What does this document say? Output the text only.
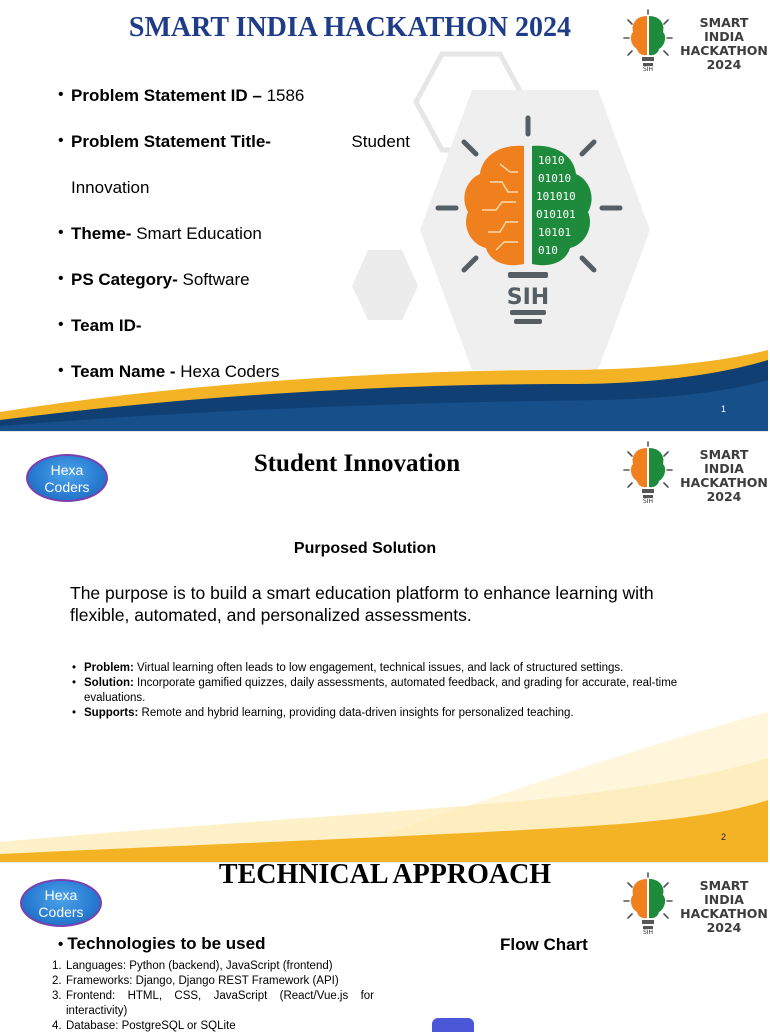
SMART INDIA HACKATHON 2024
SIH
SMART INDIA
HACKATHON
2024
• Problem Statement ID – 1586
• Problem Statement Title-	Student
Innovation
• Theme- Smart Education
• PS Category- Software
• Team ID-
• Team Name - Hexa Coders
1010
01010
101010
010101
10101
010
SIH
1
Hexa
Coders
Student Innovation
SIH
SMART INDIA
HACKATHON
2024
Purposed Solution
The purpose is to build a smart education platform to enhance learning with flexible, automated, and personalized assessments.
• Problem: Virtual learning often leads to low engagement, technical issues, and lack of structured settings.
• Solution: Incorporate gamified quizzes, daily assessments, automated feedback, and grading for accurate, real-time evaluations.
• Supports: Remote and hybrid learning, providing data-driven insights for personalized teaching.
2
TECHNICAL APPROACH
Hexa
Coders
SIH
SMART INDIA
HACKATHON
2024
• Technologies to be used	Flow Chart
1. Languages: Python (backend), JavaScript (frontend)
2. Frameworks: Django, Django REST Framework (API)
3. Frontend: HTML, CSS, JavaScript (React/Vue.js for interactivity)
4. Database: PostgreSQL or SQLite
